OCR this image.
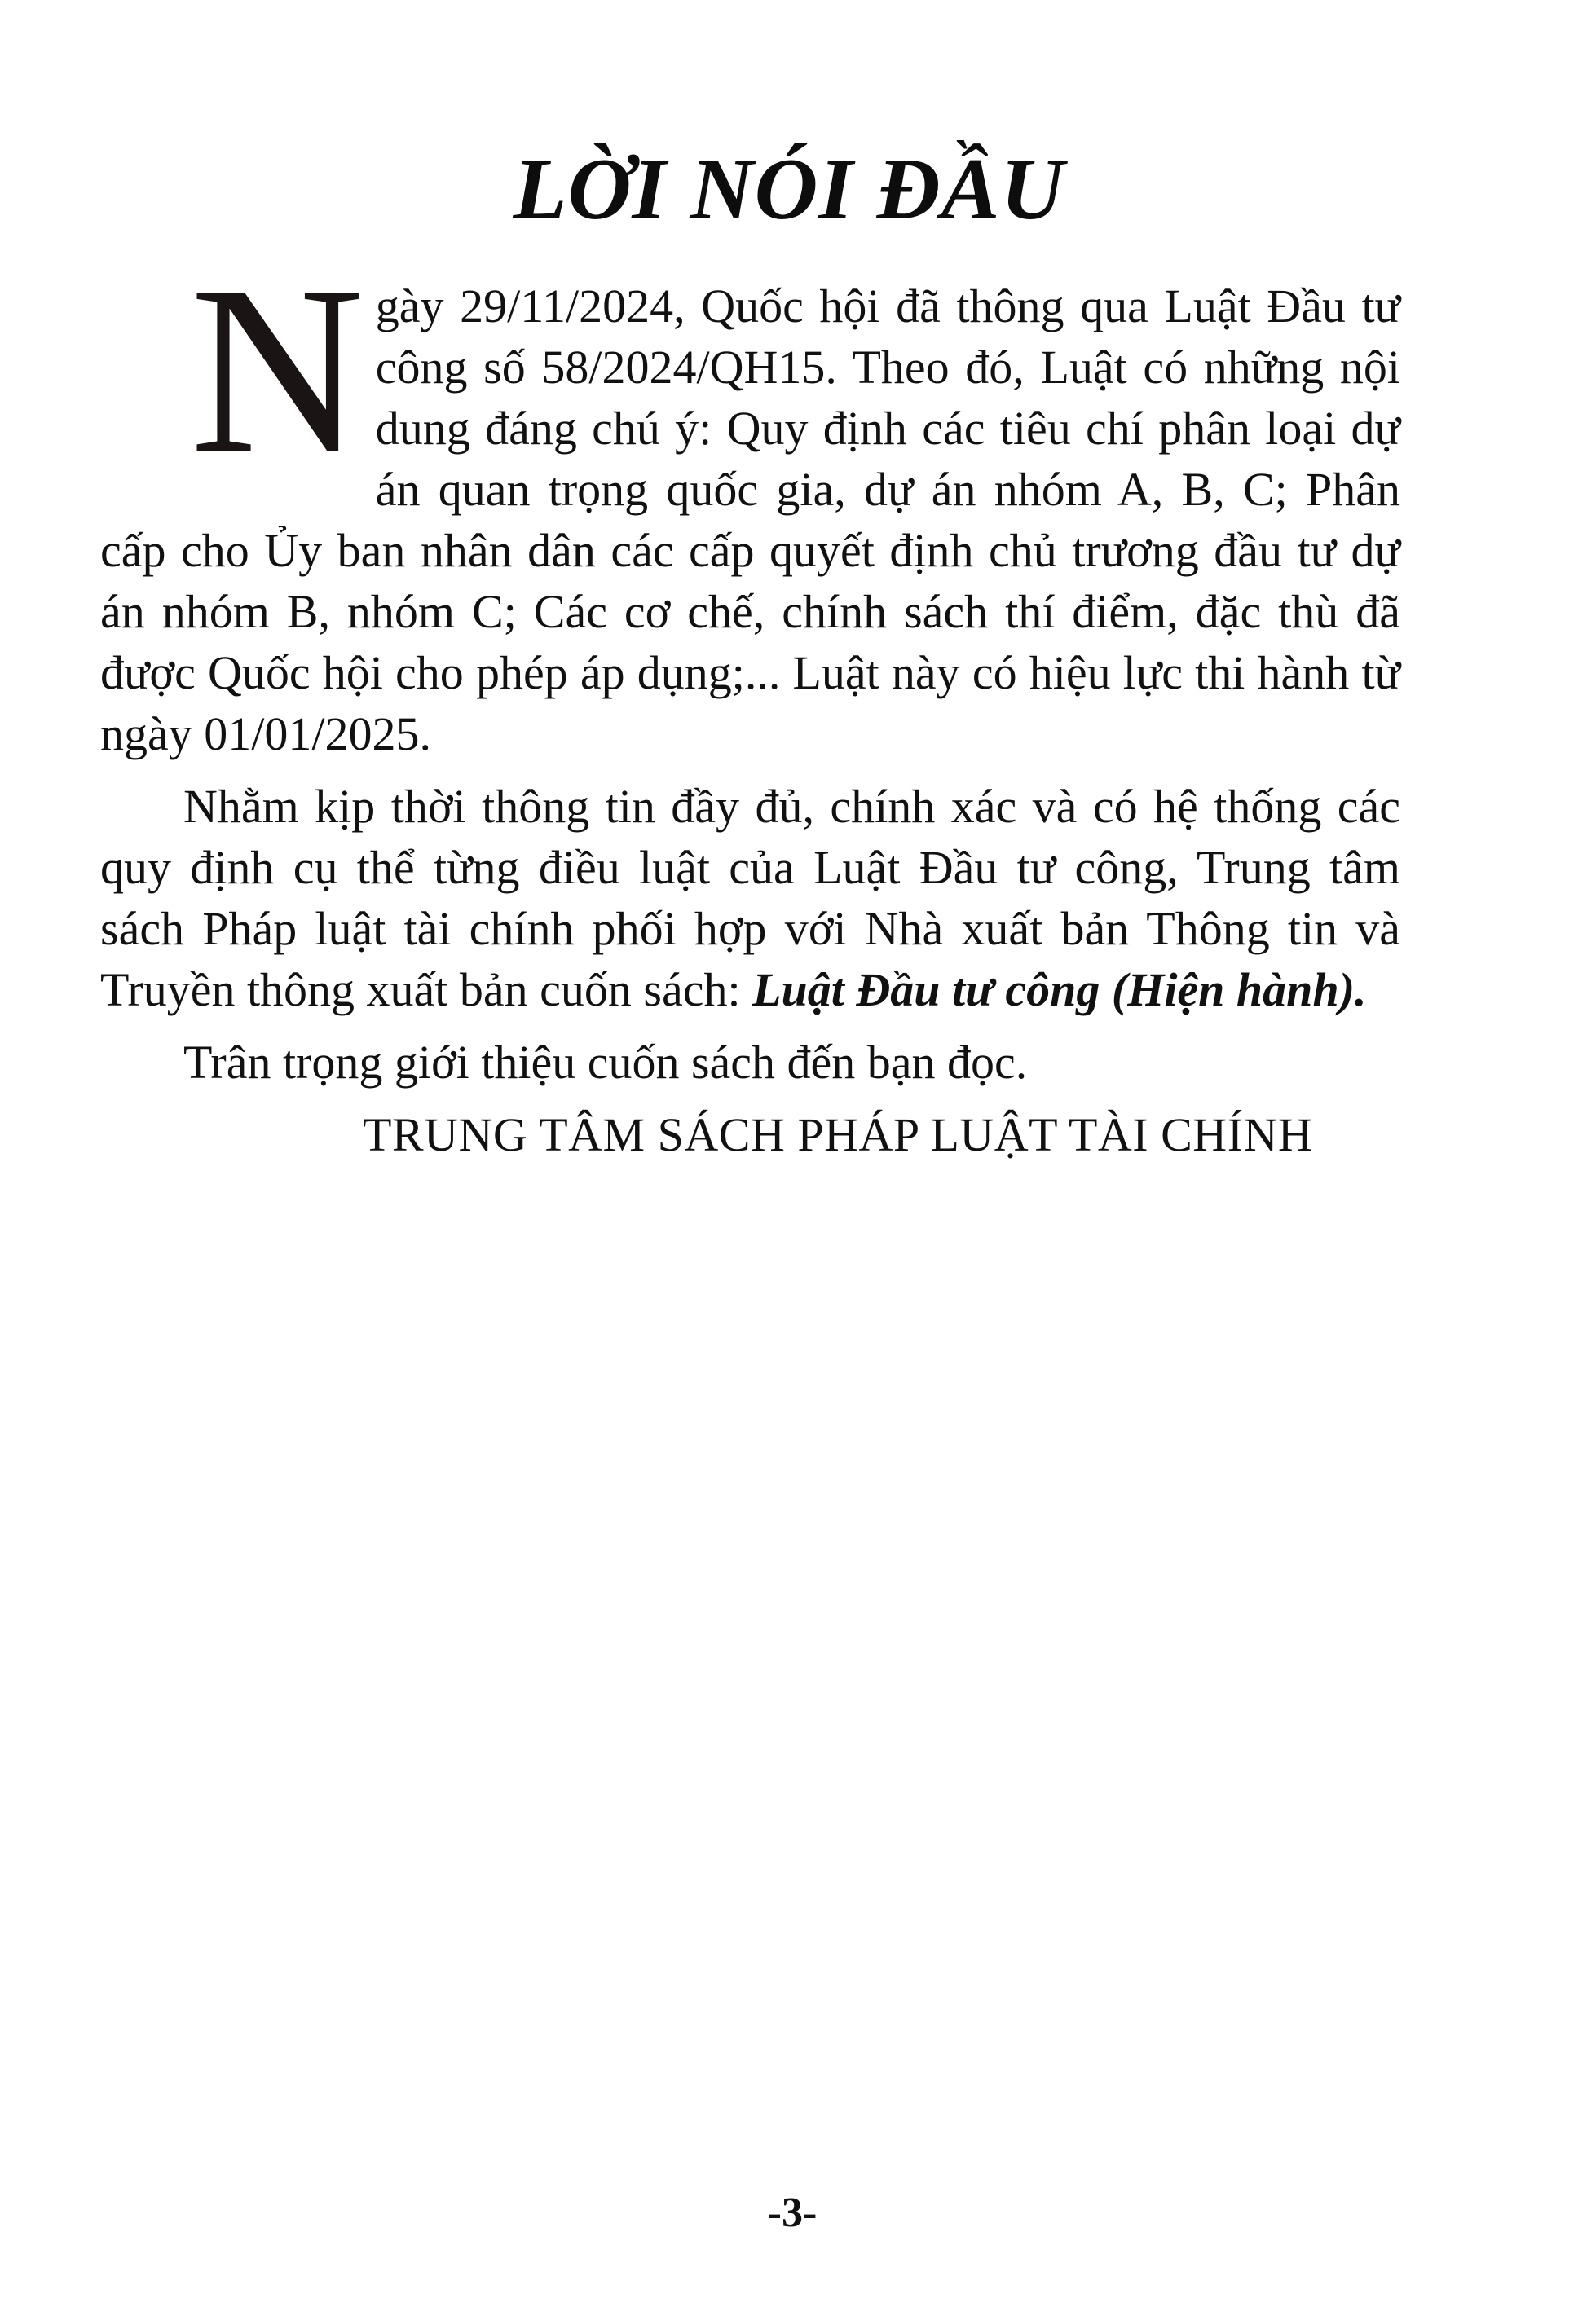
LỜI NÓI ĐẦU

Ngày 29/11/2024, Quốc hội đã thông qua Luật Đầu tư công số 58/2024/QH15. Theo đó, Luật có những nội dung đáng chú ý: Quy định các tiêu chí phân loại dự án quan trọng quốc gia, dự án nhóm A, B, C; Phân cấp cho Ủy ban nhân dân các cấp quyết định chủ trương đầu tư dự án nhóm B, nhóm C; Các cơ chế, chính sách thí điểm, đặc thù đã được Quốc hội cho phép áp dụng;... Luật này có hiệu lực thi hành từ ngày 01/01/2025.

Nhằm kịp thời thông tin đầy đủ, chính xác và có hệ thống các quy định cụ thể từng điều luật của Luật Đầu tư công, Trung tâm sách Pháp luật tài chính phối hợp với Nhà xuất bản Thông tin và Truyền thông xuất bản cuốn sách: Luật Đầu tư công (Hiện hành).

Trân trọng giới thiệu cuốn sách đến bạn đọc.

TRUNG TÂM SÁCH PHÁP LUẬT TÀI CHÍNH

-3-
